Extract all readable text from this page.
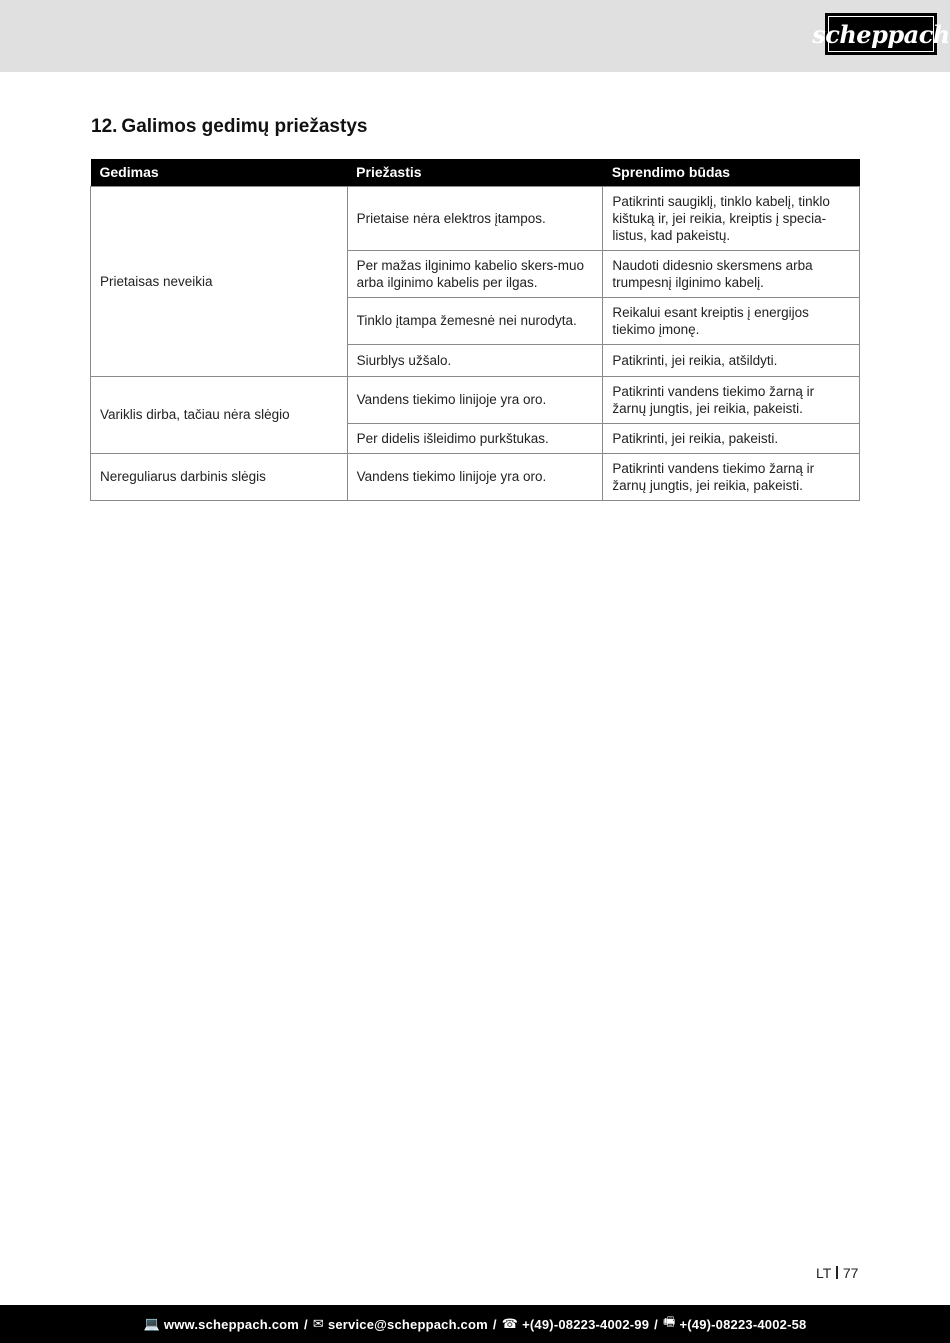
scheppach
12. Galimos gedimų priežastys
Gedimas	Priežastis	Sprendimo būdas
Prietaisas neveikia	Prietaise nėra elektros įtampos.	Patikrinti saugiklį, tinklo kabelį, tinklo kištuką ir, jei reikia, kreiptis į specia-listus, kad pakeistų.
	Per mažas ilginimo kabelio skers-muo arba ilginimo kabelis per ilgas.	Naudoti didesnio skersmens arba trumpesnį ilginimo kabelį.
	Tinklo įtampa žemesnė nei nurodyta.	Reikalui esant kreiptis į energijos tiekimo įmonę.
	Siurblys užšalo.	Patikrinti, jei reikia, atšildyti.
Variklis dirba, tačiau nėra slėgio	Vandens tiekimo linijoje yra oro.	Patikrinti vandens tiekimo žarną ir žarnų jungtis, jei reikia, pakeisti.
	Per didelis išleidimo purkštukas.	Patikrinti, jei reikia, pakeisti.
Nereguliarus darbinis slėgis	Vandens tiekimo linijoje yra oro.	Patikrinti vandens tiekimo žarną ir žarnų jungtis, jei reikia, pakeisti.
LT 77
💻 www.scheppach.com / ✉ service@scheppach.com / ☎ +(49)-08223-4002-99 / 🖷 +(49)-08223-4002-58
